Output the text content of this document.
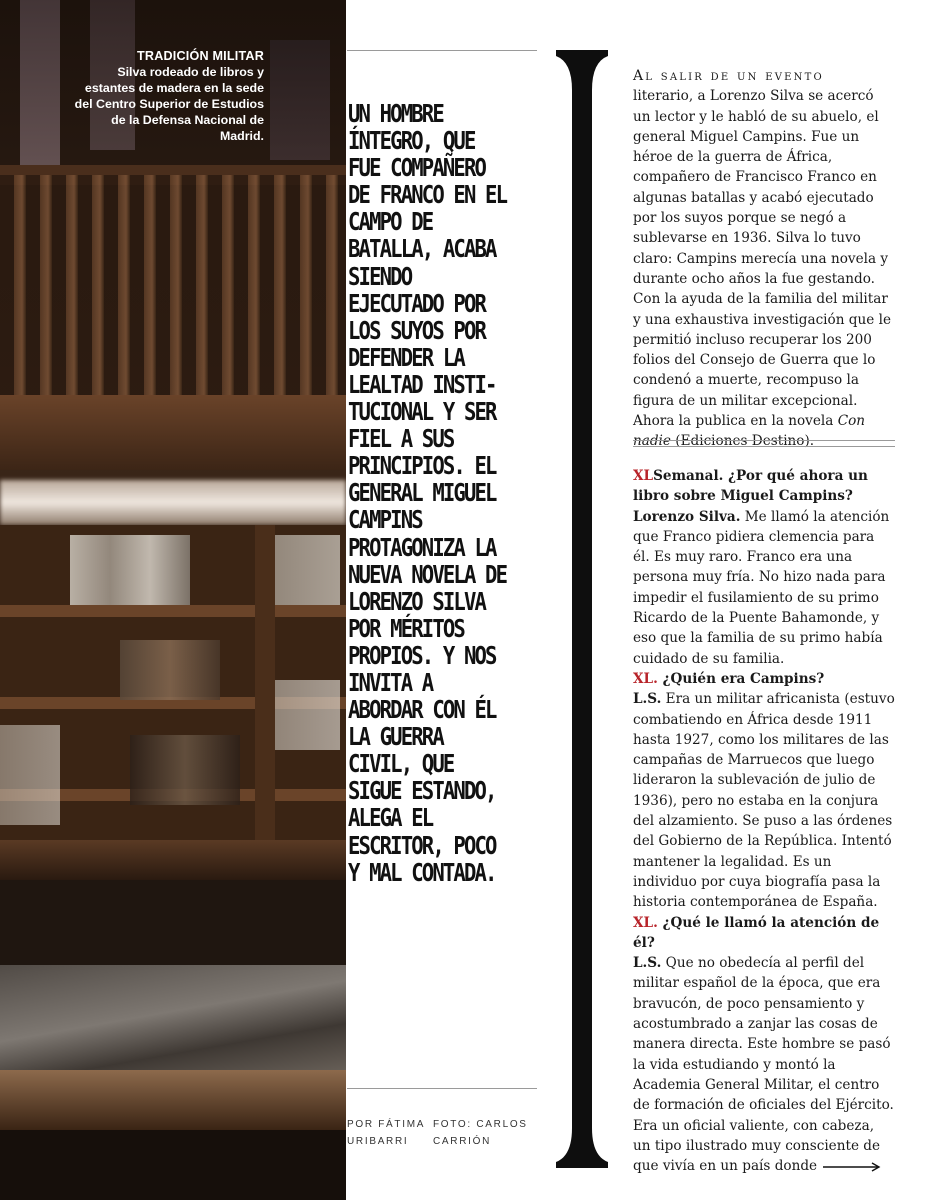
TRADICIÓN MILITAR
Silva rodeado de libros y estantes de madera en la sede del Centro Superior de Estudios de la Defensa Nacional de Madrid.

UN HOMBRE ÍNTEGRO, QUE FUE COMPAÑERO DE FRANCO EN EL CAMPO DE BATALLA, ACABA SIENDO EJECUTADO POR LOS SUYOS POR DEFENDER LA LEALTAD INSTI- TUCIONAL Y SER FIEL A SUS PRINCIPIOS. EL GENERAL MIGUEL CAMPINS PROTAGONIZA LA NUEVA NOVELA DE LORENZO SILVA POR MÉRITOS PROPIOS. Y NOS INVITA A ABORDAR CON ÉL LA GUERRA CIVIL, QUE SIGUE ESTANDO, ALEGA EL ESCRITOR, POCO Y MAL CONTADA.

POR FÁTIMA FOTO: CARLOS
URIBARRI CARRIÓN

Al salir de un evento
literario, a Lorenzo Silva se acercó un lector y le habló de su abuelo, el general Miguel Campins. Fue un héroe de la guerra de África, compañero de Francisco Franco en algunas batallas y acabó ejecutado por los suyos porque se negó a sublevarse en 1936. Silva lo tuvo claro: Campins merecía una novela y durante ocho años la fue gestando. Con la ayuda de la familia del militar y una exhaustiva investigación que le permitió incluso recuperar los 200 folios del Consejo de Guerra que lo condenó a muerte, recompuso la figura de un militar excepcional. Ahora la publica en la novela Con nadie (Ediciones Destino).

XLSemanal. ¿Por qué ahora un libro sobre Miguel Campins?

Lorenzo Silva. Me llamó la atención que Franco pidiera clemencia para él. Es muy raro. Franco era una persona muy fría. No hizo nada para impedir el fusilamiento de su primo Ricardo de la Puente Bahamonde, y eso que la familia de su primo había cuidado de su familia.

XL. ¿Quién era Campins?

L.S. Era un militar africanista (estuvo combatiendo en África desde 1911 hasta 1927, como los militares de las campañas de Marruecos que luego lideraron la sublevación de julio de 1936), pero no estaba en la conjura del alzamiento. Se puso a las órdenes del Gobierno de la República. Intentó mantener la legalidad. Es un individuo por cuya biografía pasa la historia contemporánea de España.

XL. ¿Qué le llamó la atención de él?

L.S. Que no obedecía al perfil del militar español de la época, que era bravucón, de poco pensamiento y acostumbrado a zanjar las cosas de manera directa. Este hombre se pasó la vida estudiando y montó la Academia General Militar, el centro de formación de oficiales del Ejército. Era un oficial valiente, con cabeza, un tipo ilustrado muy consciente de que vivía en un país donde
